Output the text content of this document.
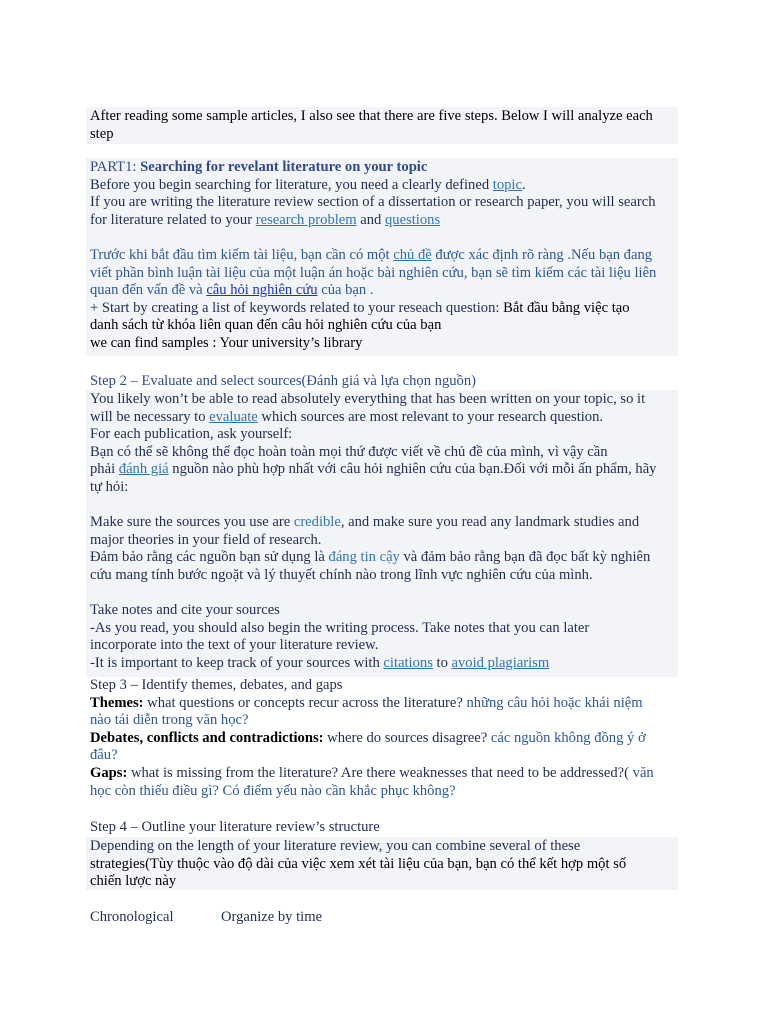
After reading some sample articles, I also see that there are five steps. Below I will analyze each
step
PART1: Searching for revelant literature on your topic
Before you begin searching for literature, you need a clearly defined topic.
If you are writing the literature review section of a dissertation or research paper, you will search
for literature related to your research problem and questions

Trước khi bắt đầu tìm kiếm tài liệu, bạn cần có một chủ đề được xác định rõ ràng .Nếu bạn đang
viết phần bình luận tài liệu của một luận án hoặc bài nghiên cứu, bạn sẽ tìm kiếm các tài liệu liên
quan đến vấn đề và câu hỏi nghiên cứu của bạn .
+ Start by creating a list of keywords related to your reseach question: Bắt đầu bằng việc tạo
danh sách từ khóa liên quan đến câu hỏi nghiên cứu của bạn
we can find samples : Your university’s library
Step 2 – Evaluate and select sources(Đánh giá và lựa chọn nguồn)
You likely won’t be able to read absolutely everything that has been written on your topic, so it
will be necessary to evaluate which sources are most relevant to your research question.
For each publication, ask yourself:
Bạn có thể sẽ không thể đọc hoàn toàn mọi thứ được viết về chủ đề của mình, vì vậy cần
phải đánh giá nguồn nào phù hợp nhất với câu hỏi nghiên cứu của bạn.Đối với mỗi ấn phẩm, hãy
tự hỏi:

Make sure the sources you use are credible, and make sure you read any landmark studies and
major theories in your field of research.
Đảm bảo rằng các nguồn bạn sử dụng là đáng tin cậy và đảm bảo rằng bạn đã đọc bất kỳ nghiên
cứu mang tính bước ngoặt và lý thuyết chính nào trong lĩnh vực nghiên cứu của mình.

Take notes and cite your sources
-As you read, you should also begin the writing process. Take notes that you can later
incorporate into the text of your literature review.
-It is important to keep track of your sources with citations to avoid plagiarism
Step 3 – Identify themes, debates, and gaps
Themes: what questions or concepts recur across the literature? những câu hỏi hoặc khái niệm
nào tái diễn trong văn học?
Debates, conflicts and contradictions: where do sources disagree? các nguồn không đồng ý ở
đâu?
Gaps: what is missing from the literature? Are there weaknesses that need to be addressed?( văn
học còn thiếu điều gì? Có điểm yếu nào cần khắc phục không?
Step 4 – Outline your literature review’s structure
Depending on the length of your literature review, you can combine several of these
strategies(Tùy thuộc vào độ dài của việc xem xét tài liệu của bạn, bạn có thể kết hợp một số
chiến lược này
Chronological	Organize by time
